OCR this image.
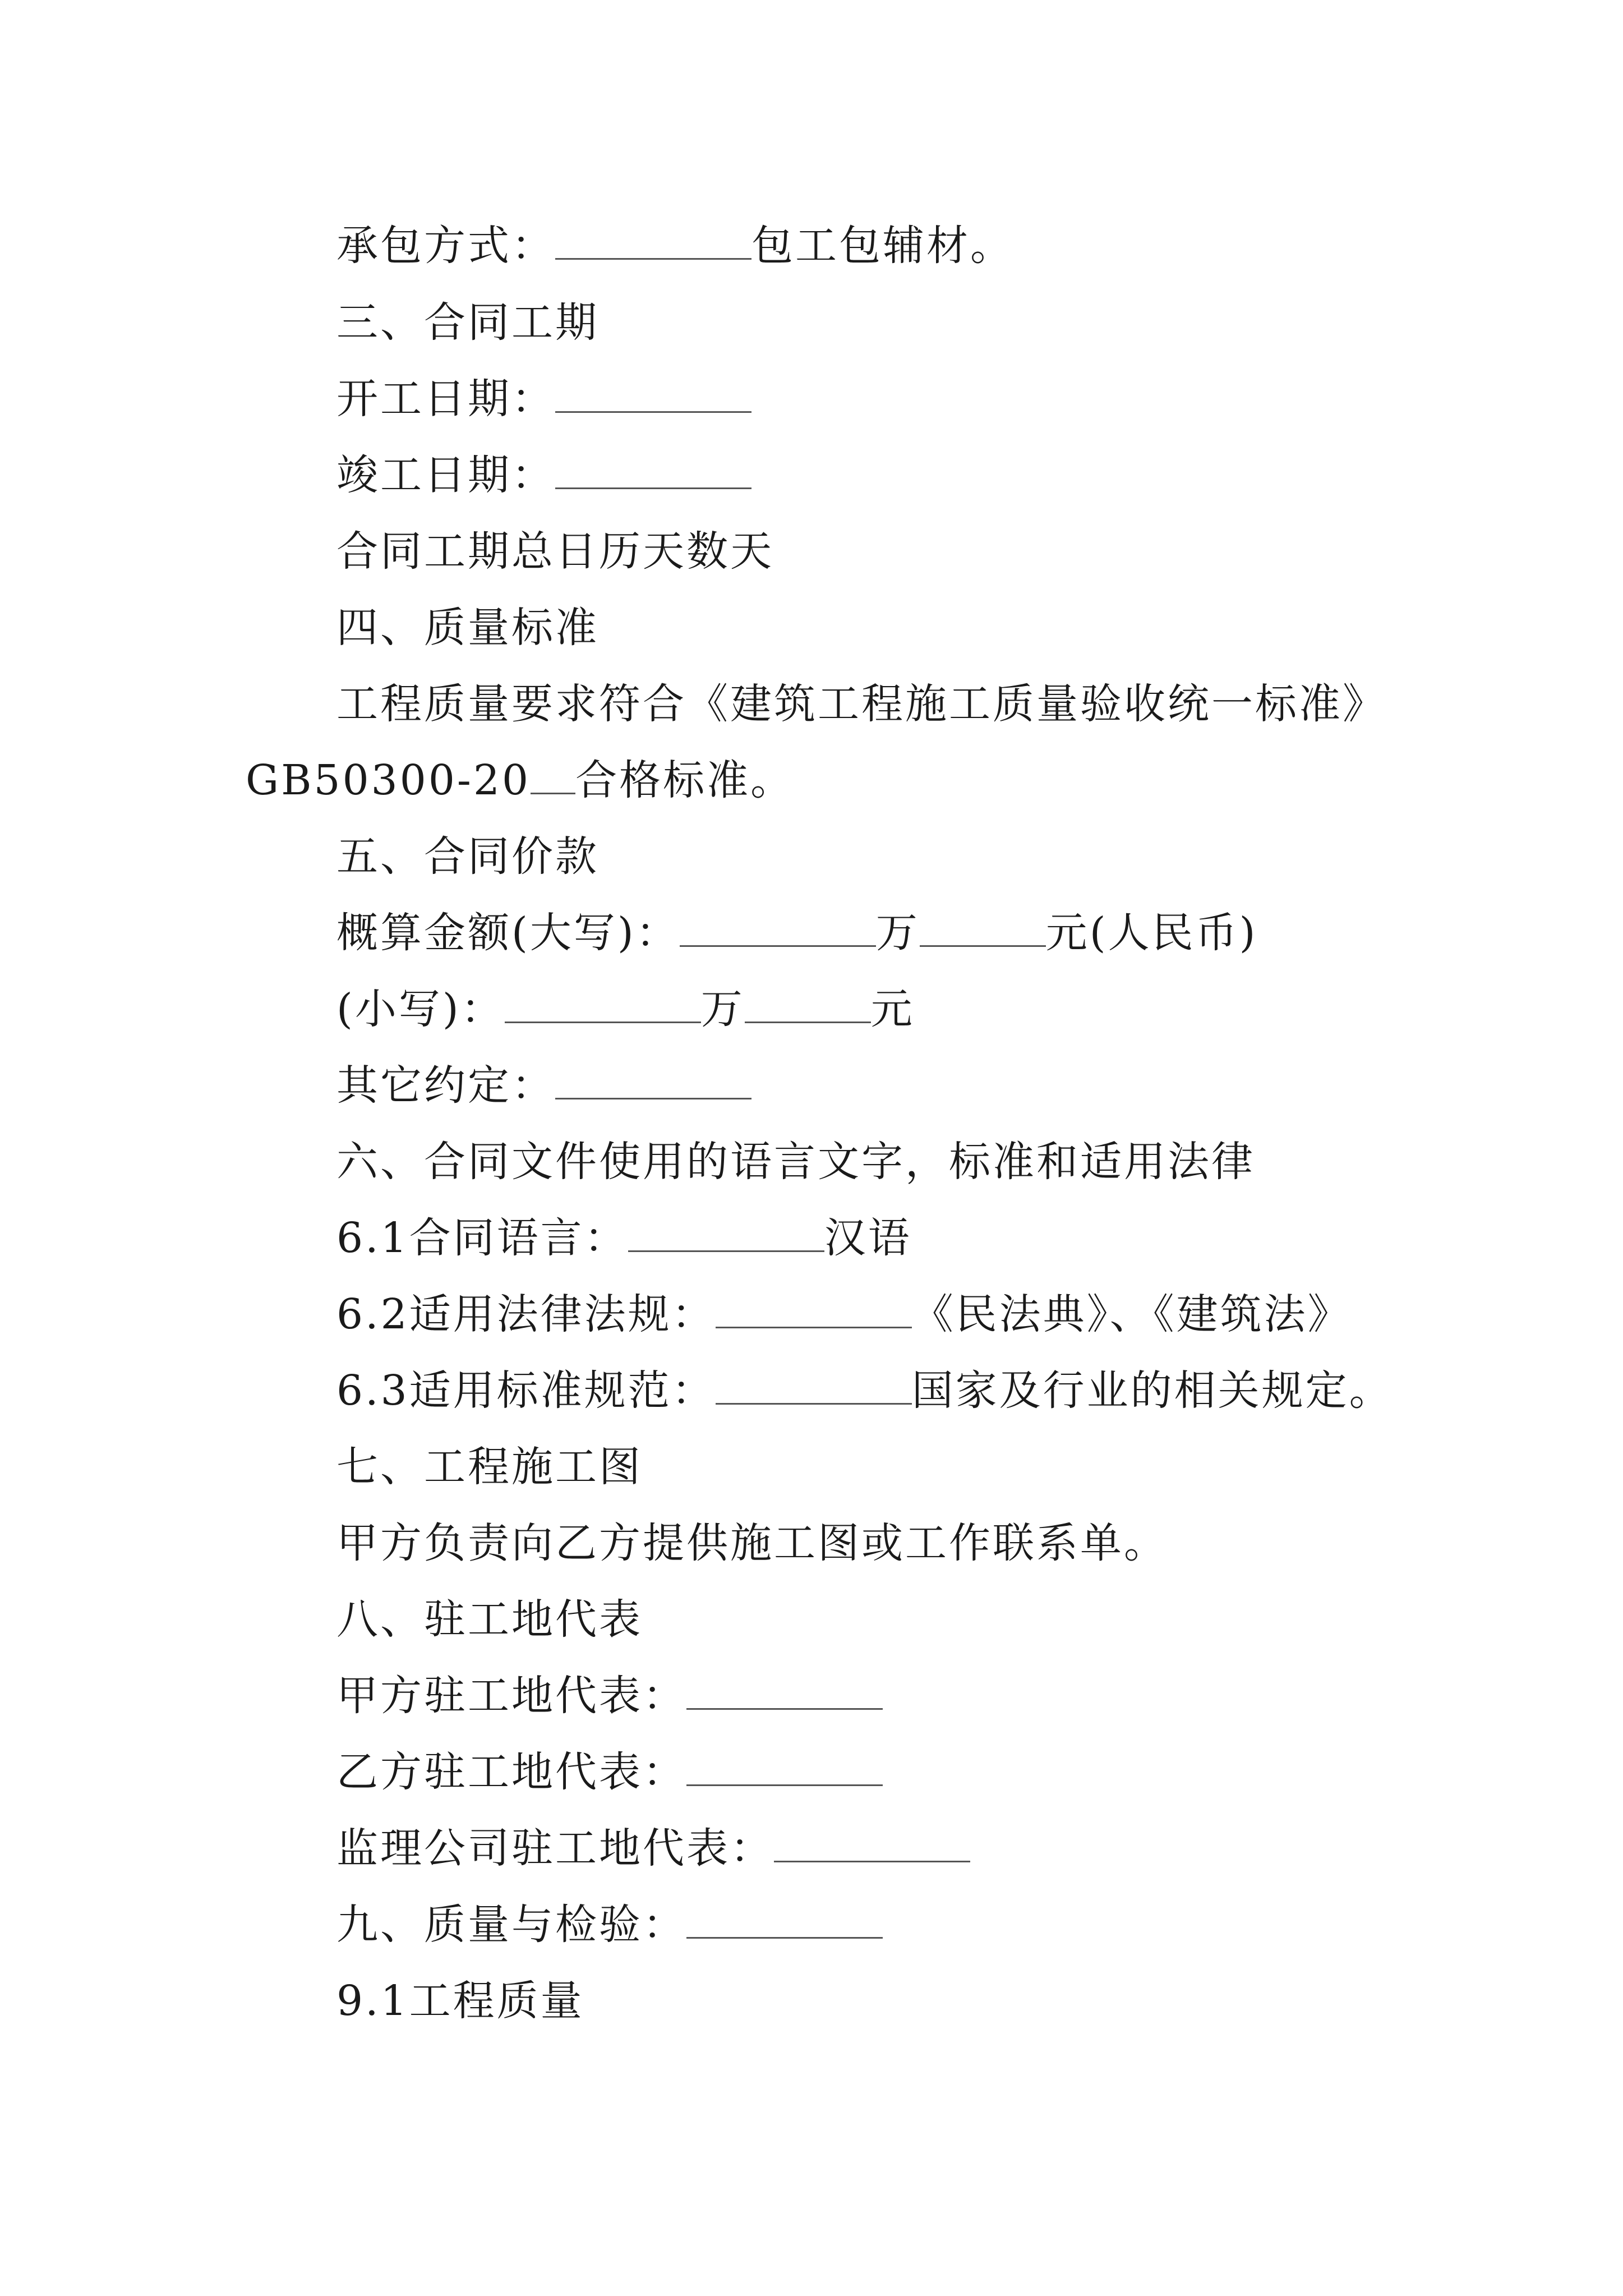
承包方式：	包工包辅材。
三、合同工期
开工日期：
竣工日期：
合同工期总日历天数天
四、质量标准
工程质量要求符合《建筑工程施工质量验收统一标准》
GB50300-20 合格标准。
五、合同价款
概算金额(大写)：	万	元(人民币)
(小写)：	万	元
其它约定：
六、合同文件使用的语言文字，标准和适用法律
6.1合同语言：	汉语
6.2适用法律法规：	《民法典》、《建筑法》
6.3适用标准规范：	国家及行业的相关规定。
七、工程施工图
甲方负责向乙方提供施工图或工作联系单。
八、驻工地代表
甲方驻工地代表：
乙方驻工地代表：
监理公司驻工地代表：
九、质量与检验：
9.1工程质量
